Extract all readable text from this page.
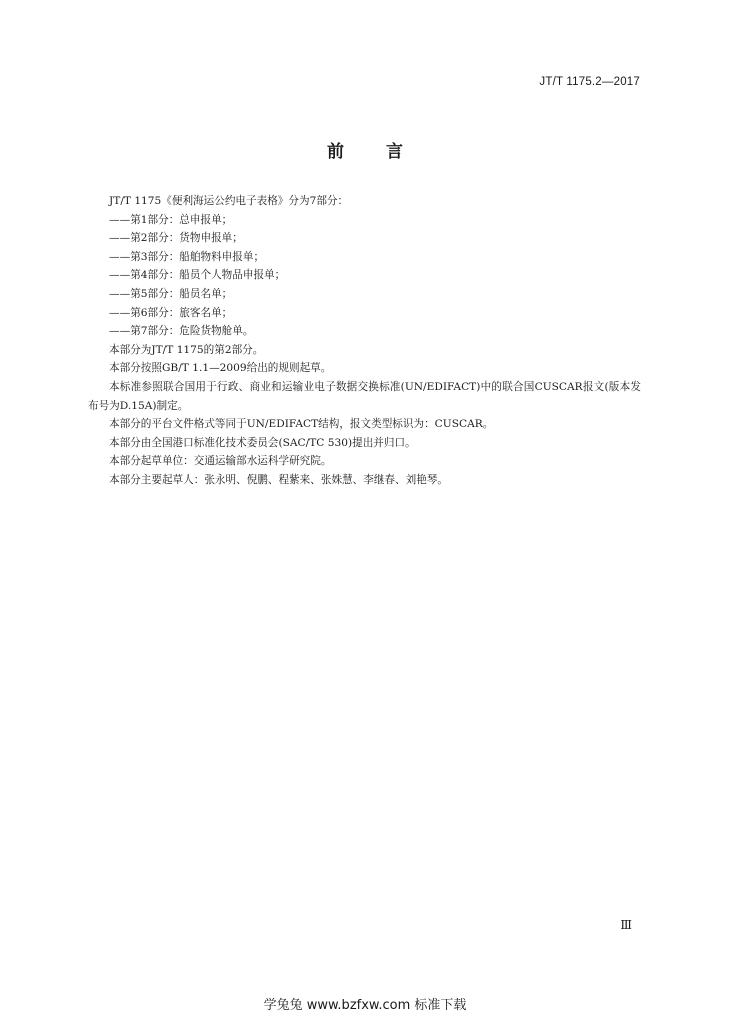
JT/T 1175.2—2017
前 言

JT/T 1175《便利海运公约电子表格》分为7部分：

——第1部分：总申报单；

——第2部分：货物申报单；

——第3部分：船舶物料申报单；

——第4部分：船员个人物品申报单；

——第5部分：船员名单；

——第6部分：旅客名单；

——第7部分：危险货物舱单。

本部分为JT/T 1175的第2部分。

本部分按照GB/T 1.1—2009给出的规则起草。

本标准参照联合国用于行政、商业和运输业电子数据交换标准(UN/EDIFACT)中的联合国CUSCAR报文(版本发布号为D.15A)制定。

本部分的平台文件格式等同于UN/EDIFACT结构，报文类型标识为：CUSCAR。

本部分由全国港口标准化技术委员会(SAC/TC 530)提出并归口。

本部分起草单位：交通运输部水运科学研究院。

本部分主要起草人：张永明、倪鹏、程紫来、张姝慧、李继春、刘艳琴。

Ⅲ
学兔兔 www.bzfxw.com 标准下载
